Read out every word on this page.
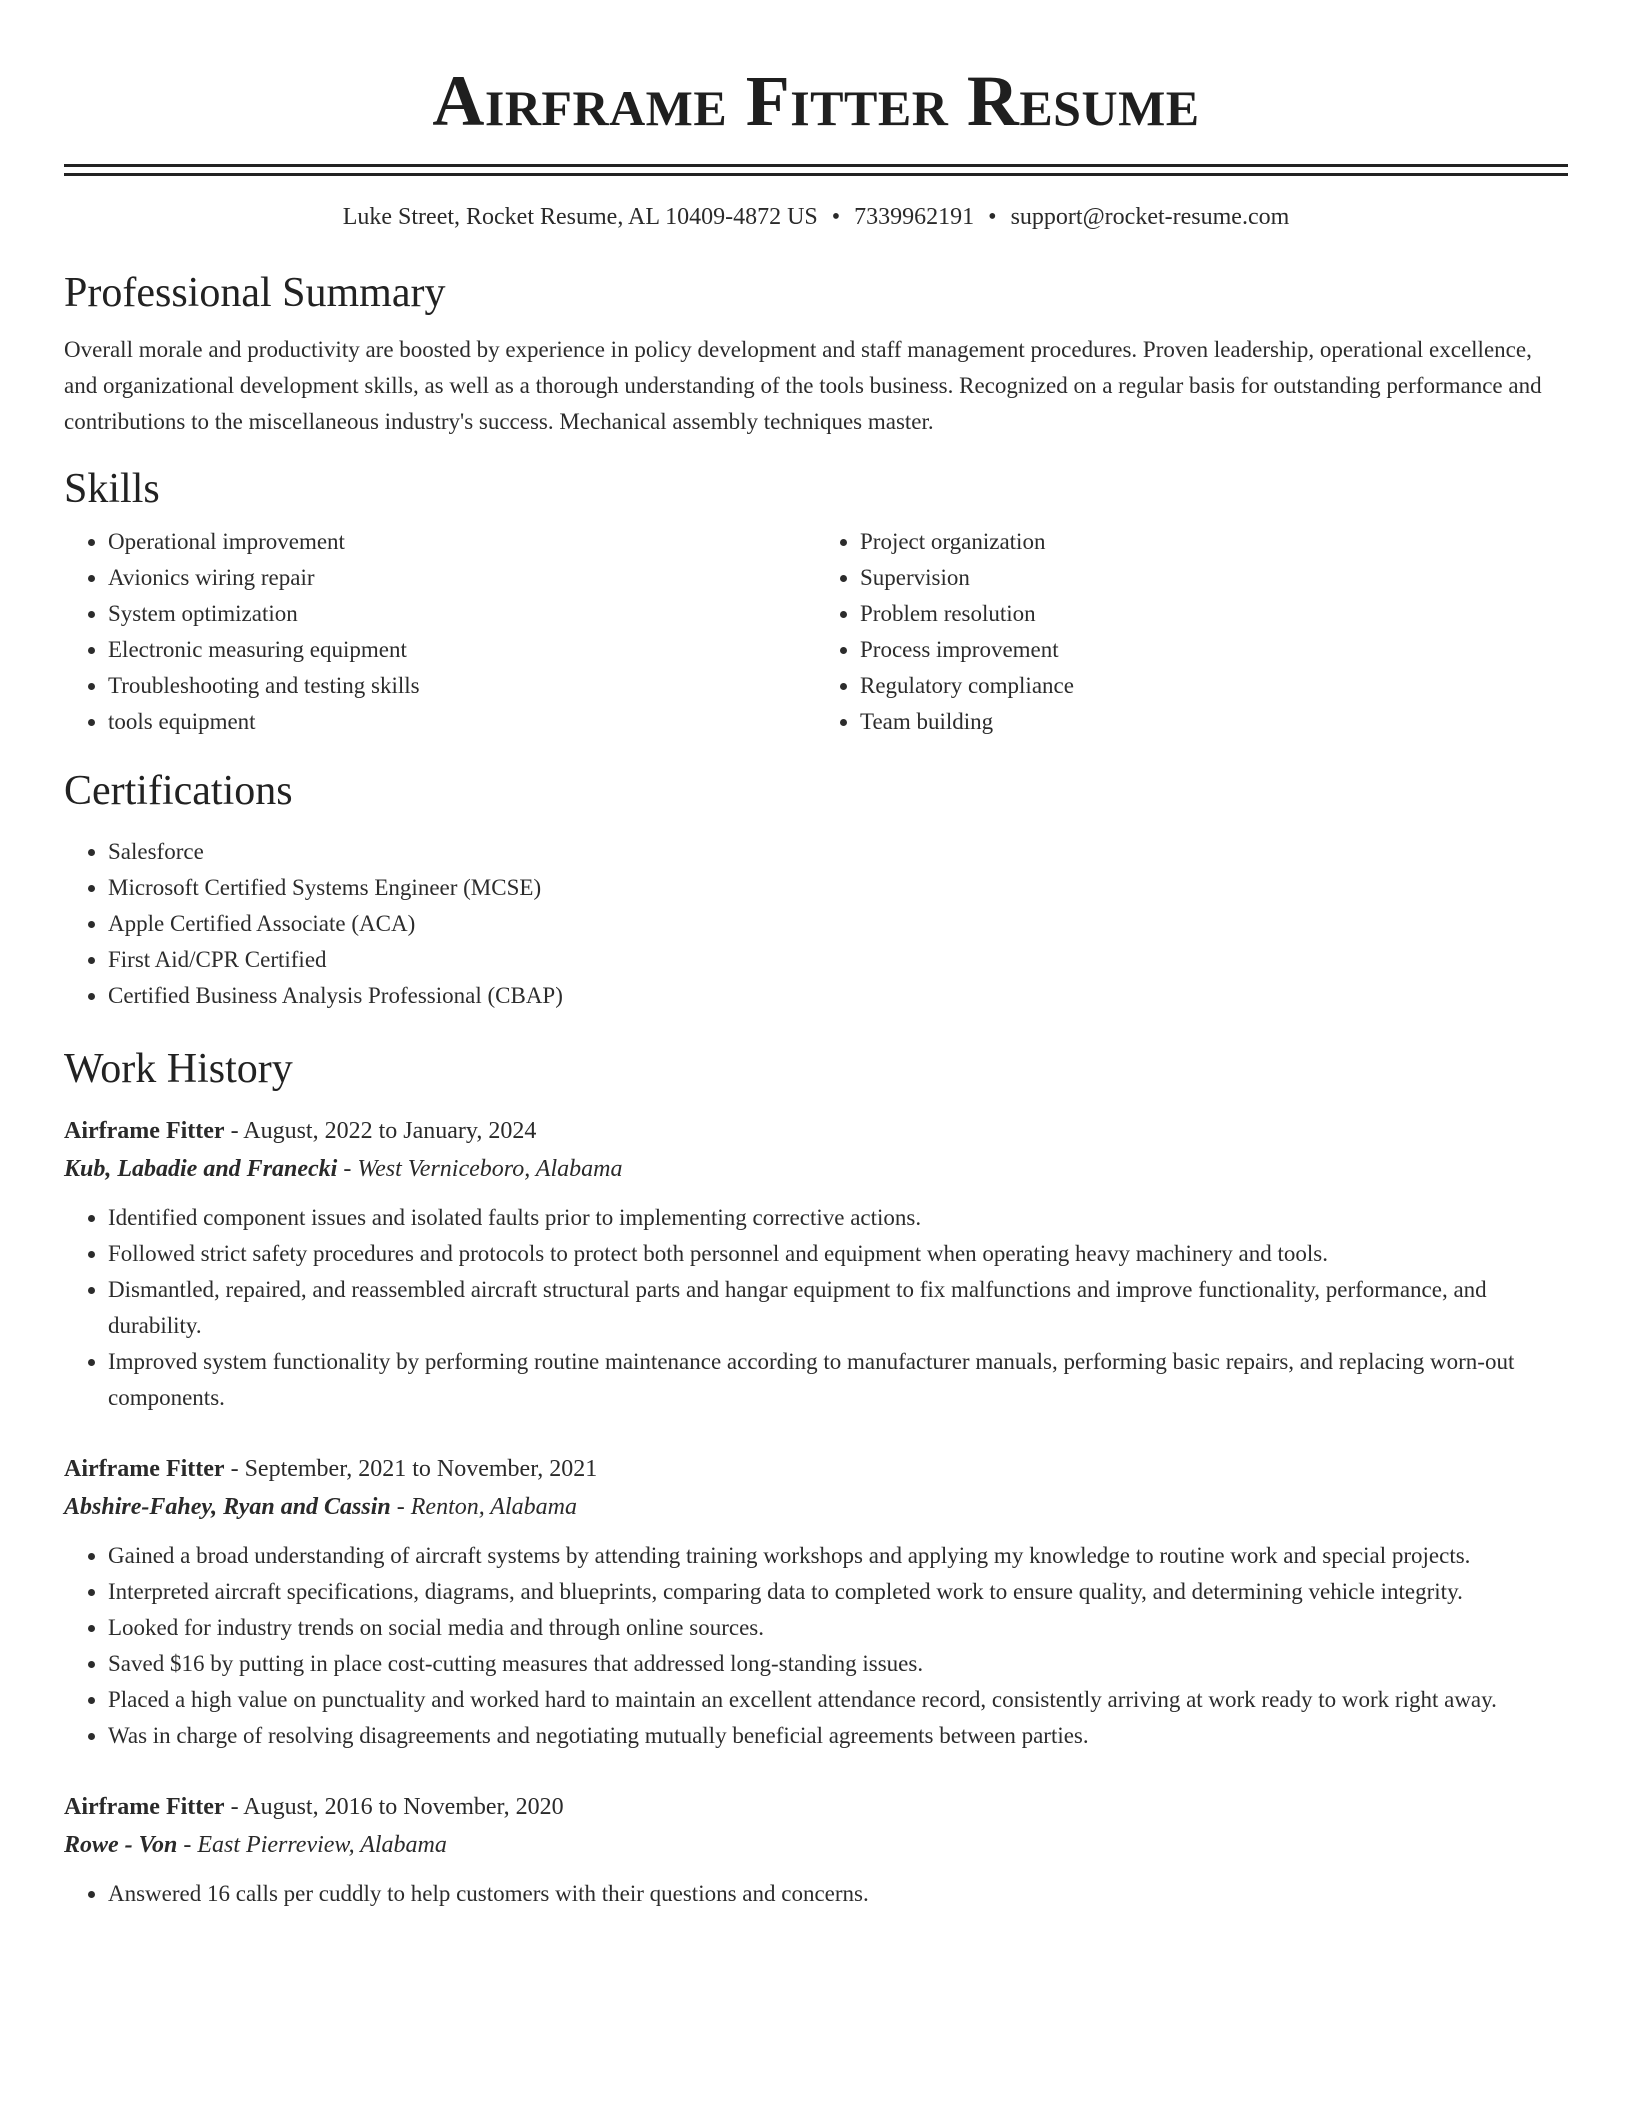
Airframe Fitter Resume
Luke Street, Rocket Resume, AL 10409-4872 US • 7339962191 • support@rocket-resume.com
Professional Summary

Overall morale and productivity are boosted by experience in policy development and staff management procedures. Proven leadership, operational excellence, and organizational development skills, as well as a thorough understanding of the tools business. Recognized on a regular basis for outstanding performance and contributions to the miscellaneous industry's success. Mechanical assembly techniques master.

Skills
• Operational improvement
• Avionics wiring repair
• System optimization
• Electronic measuring equipment
• Troubleshooting and testing skills
• tools equipment
• Project organization
• Supervision
• Problem resolution
• Process improvement
• Regulatory compliance
• Team building
Certifications
• Salesforce
• Microsoft Certified Systems Engineer (MCSE)
• Apple Certified Associate (ACA)
• First Aid/CPR Certified
• Certified Business Analysis Professional (CBAP)
Work History
Airframe Fitter - August, 2022 to January, 2024
Kub, Labadie and Franecki - West Verniceboro, Alabama
• Identified component issues and isolated faults prior to implementing corrective actions.
• Followed strict safety procedures and protocols to protect both personnel and equipment when operating heavy machinery and tools.
• Dismantled, repaired, and reassembled aircraft structural parts and hangar equipment to fix malfunctions and improve functionality, performance, and durability.
• Improved system functionality by performing routine maintenance according to manufacturer manuals, performing basic repairs, and replacing worn-out components.
Airframe Fitter - September, 2021 to November, 2021
Abshire-Fahey, Ryan and Cassin - Renton, Alabama
• Gained a broad understanding of aircraft systems by attending training workshops and applying my knowledge to routine work and special projects.
• Interpreted aircraft specifications, diagrams, and blueprints, comparing data to completed work to ensure quality, and determining vehicle integrity.
• Looked for industry trends on social media and through online sources.
• Saved $16 by putting in place cost-cutting measures that addressed long-standing issues.
• Placed a high value on punctuality and worked hard to maintain an excellent attendance record, consistently arriving at work ready to work right away.
• Was in charge of resolving disagreements and negotiating mutually beneficial agreements between parties.
Airframe Fitter - August, 2016 to November, 2020
Rowe - Von - East Pierreview, Alabama
• Answered 16 calls per cuddly to help customers with their questions and concerns.
